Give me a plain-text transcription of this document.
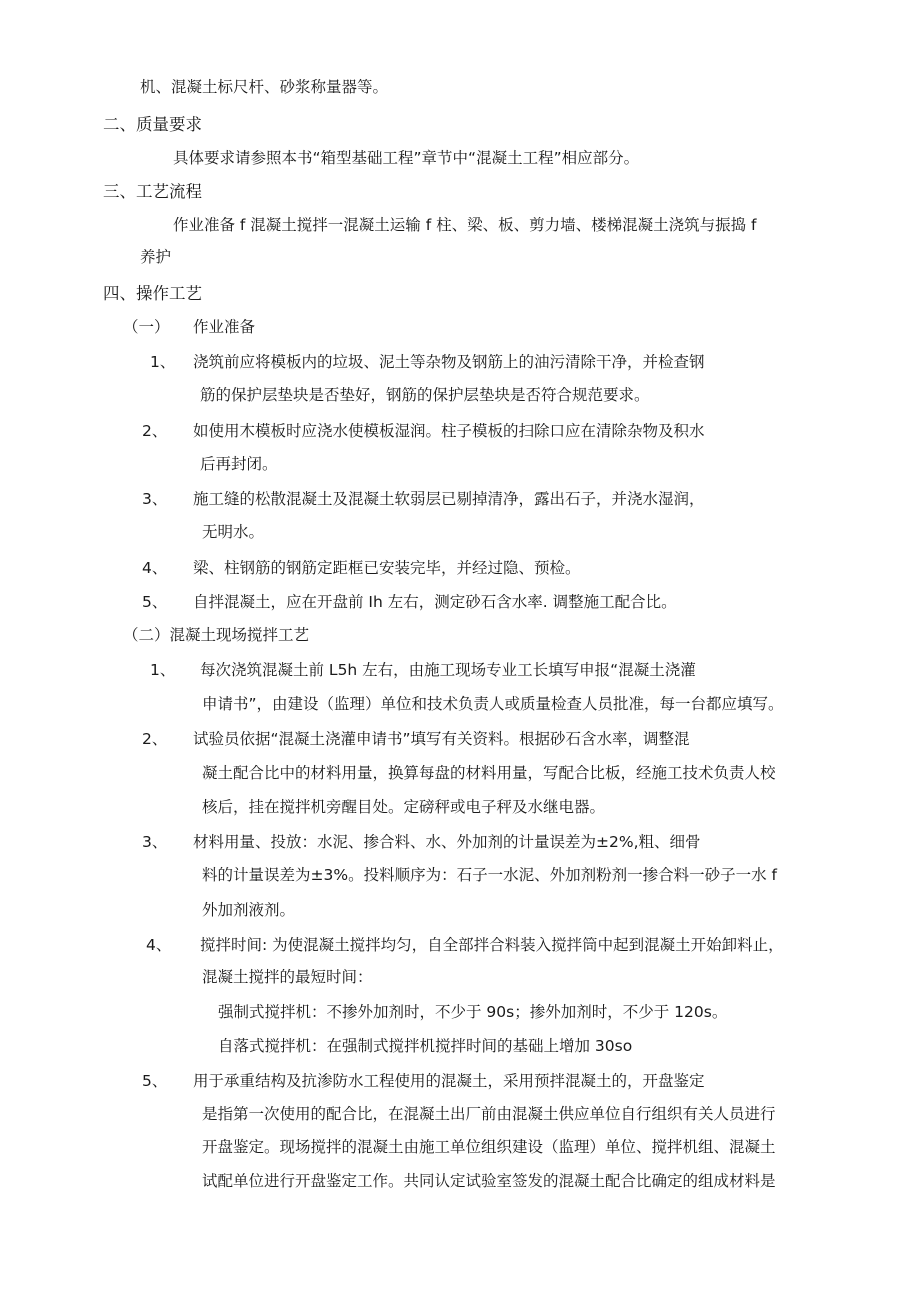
机、混凝土标尺杆、砂浆称量器等。
二、质量要求
具体要求请参照本书“箱型基础工程”章节中“混凝土工程”相应部分。
三、工艺流程
作业准备 f 混凝土搅拌一混凝土运输 f 柱、梁、板、剪力墙、楼梯混凝土浇筑与振捣 f
养护
四、操作工艺
（一） 作业准备
1、 浇筑前应将模板内的垃圾、泥土等杂物及钢筋上的油污清除干净，并检查钢
筋的保护层垫块是否垫好，钢筋的保护层垫块是否符合规范要求。
2、 如使用木模板时应浇水使模板湿润。柱子模板的扫除口应在清除杂物及积水
后再封闭。
3、 施工缝的松散混凝土及混凝土软弱层已剔掉清净，露出石子，并浇水湿润，
无明水。
4、 梁、柱钢筋的钢筋定距框已安装完毕，并经过隐、预检。
5、 自拌混凝土，应在开盘前 Ih 左右，测定砂石含水率. 调整施工配合比。
（二）混凝土现场搅拌工艺
1、 每次浇筑混凝土前 L5h 左右，由施工现场专业工长填写申报“混凝土浇灌
申请书”，由建设（监理）单位和技术负责人或质量检查人员批准，每一台都应填写。
2、 试验员依据“混凝土浇灌申请书”填写有关资料。根据砂石含水率，调整混
凝土配合比中的材料用量，换算每盘的材料用量，写配合比板，经施工技术负责人校
核后，挂在搅拌机旁醒目处。定磅秤或电子秤及水继电器。
3、 材料用量、投放：水泥、掺合料、水、外加剂的计量误差为±2%,粗、细骨
料的计量误差为±3%。投料顺序为：石子一水泥、外加剂粉剂一掺合料一砂子一水 f
外加剂液剂。
4、 搅拌时间: 为使混凝土搅拌均匀，自全部拌合料装入搅拌筒中起到混凝土开始卸料止，
混凝土搅拌的最短时间：
强制式搅拌机：不掺外加剂时，不少于 90s；掺外加剂时，不少于 120s。
自落式搅拌机：在强制式搅拌机搅拌时间的基础上增加 30so
5、 用于承重结构及抗渗防水工程使用的混凝土，采用预拌混凝土的，开盘鉴定
是指第一次使用的配合比，在混凝土出厂前由混凝土供应单位自行组织有关人员进行
开盘鉴定。现场搅拌的混凝土由施工单位组织建设（监理）单位、搅拌机组、混凝土
试配单位进行开盘鉴定工作。共同认定试验室签发的混凝土配合比确定的组成材料是
